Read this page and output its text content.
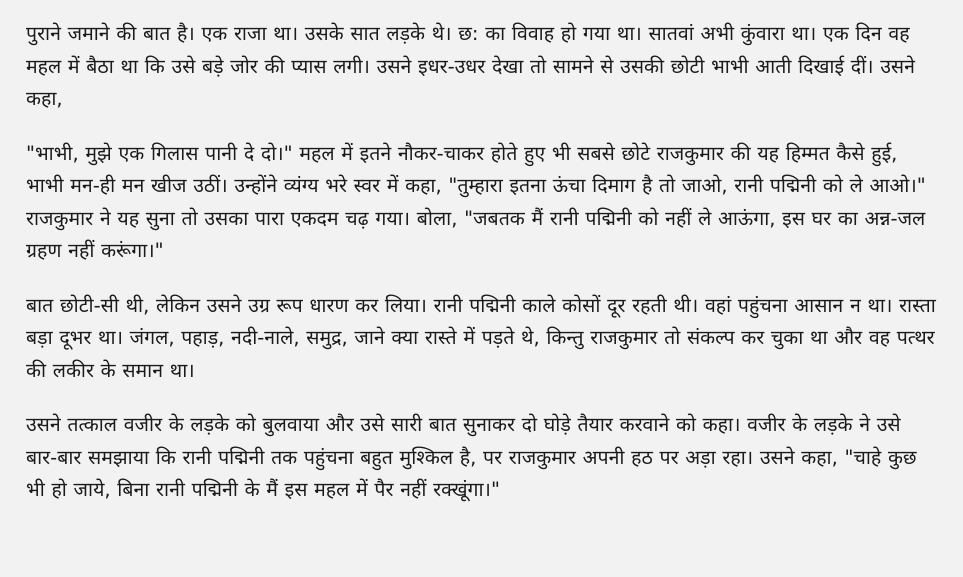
पुराने जमाने की बात है। एक राजा था। उसके सात लड़के थे। छ: का विवाह हो गया था। सातवां अभी कुंवारा था। एक दिन वह महल में बैठा था कि उसे बड़े जोर की प्यास लगी। उसने इधर-उधर देखा तो सामने से उसकी छोटी भाभी आती दिखाई दीं। उसने कहा,

"भाभी, मुझे एक गिलास पानी दे दो।" महल में इतने नौकर-चाकर होते हुए भी सबसे छोटे राजकुमार की यह हिम्मत कैसे हुई, भाभी मन-ही मन खीज उठीं। उन्होंने व्यंग्य भरे स्वर में कहा, "तुम्हारा इतना ऊंचा दिमाग है तो जाओ, रानी पद्मिनी को ले आओ।" राजकुमार ने यह सुना तो उसका पारा एकदम चढ़ गया। बोला, "जबतक मैं रानी पद्मिनी को नहीं ले आऊंगा, इस घर का अन्न-जल ग्रहण नहीं करूंगा।"

बात छोटी-सी थी, लेकिन उसने उग्र रूप धारण कर लिया। रानी पद्मिनी काले कोसों दूर रहती थी। वहां पहुंचना आसान न था। रास्ता बड़ा दूभर था। जंगल, पहाड़, नदी-नाले, समुद्र, जाने क्या रास्ते में पड़ते थे, किन्तु राजकुमार तो संकल्प कर चुका था और वह पत्थर की लकीर के समान था।

उसने तत्काल वजीर के लड़के को बुलवाया और उसे सारी बात सुनाकर दो घोड़े तैयार करवाने को कहा। वजीर के लड़के ने उसे बार-बार समझाया कि रानी पद्मिनी तक पहुंचना बहुत मुश्किल है, पर राजकुमार अपनी हठ पर अड़ा रहा। उसने कहा, "चाहे कुछ भी हो जाये, बिना रानी पद्मिनी के मैं इस महल में पैर नहीं रक्खूंगा।"
